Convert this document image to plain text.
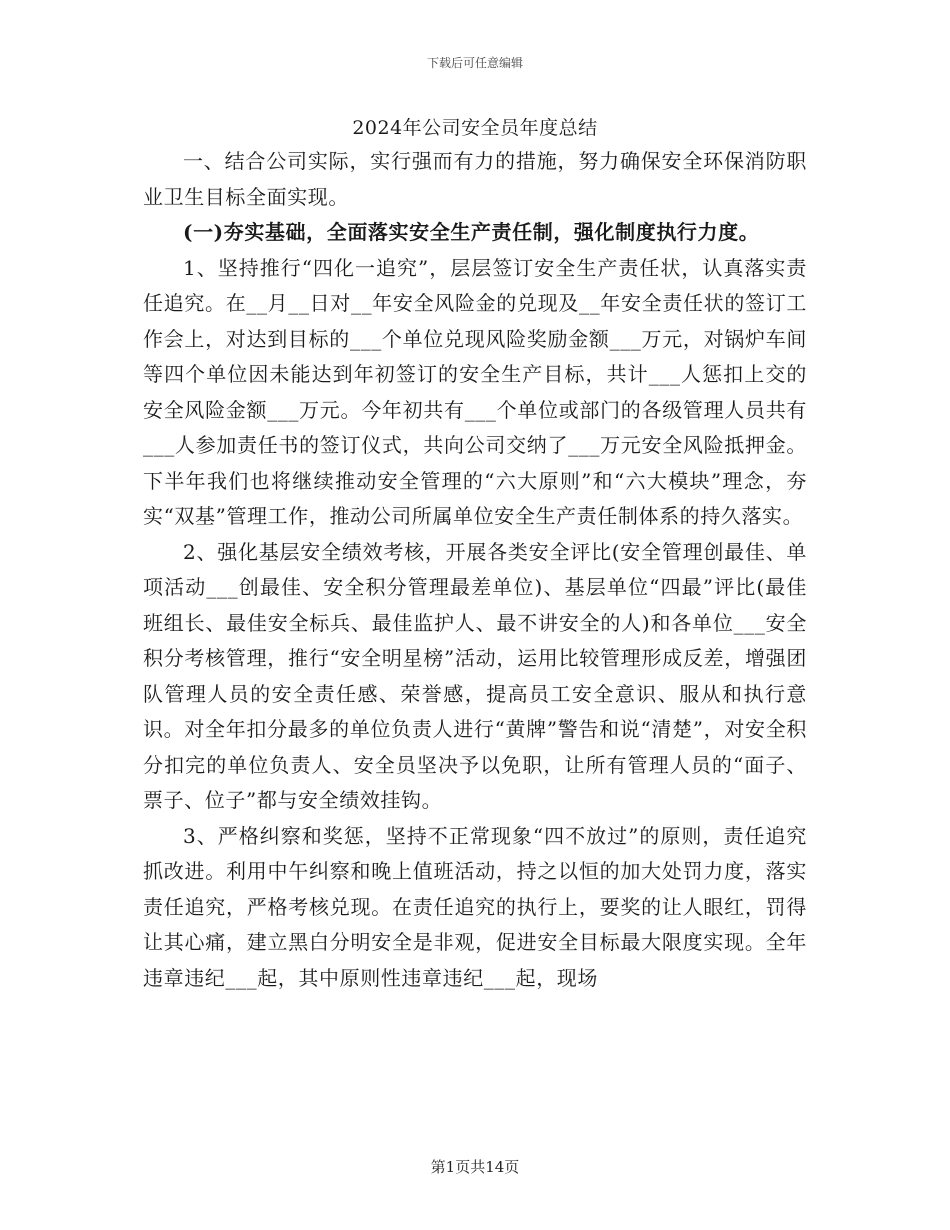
下载后可任意编辑
2024年公司安全员年度总结

一、结合公司实际，实行强而有力的措施，努力确保安全环保消防职业卫生目标全面实现。

(一)夯实基础，全面落实安全生产责任制，强化制度执行力度。

1、坚持推行“四化一追究”，层层签订安全生产责任状，认真落实责任追究。在__月__日对__年安全风险金的兑现及__年安全责任状的签订工作会上，对达到目标的___个单位兑现风险奖励金额___万元，对锅炉车间等四个单位因未能达到年初签订的安全生产目标，共计___人惩扣上交的安全风险金额___万元。今年初共有___个单位或部门的各级管理人员共有___人参加责任书的签订仪式，共向公司交纳了___万元安全风险抵押金。下半年我们也将继续推动安全管理的“六大原则”和“六大模块”理念，夯实“双基”管理工作，推动公司所属单位安全生产责任制体系的持久落实。

2、强化基层安全绩效考核，开展各类安全评比(安全管理创最佳、单项活动___创最佳、安全积分管理最差单位)、基层单位“四最”评比(最佳班组长、最佳安全标兵、最佳监护人、最不讲安全的人)和各单位___安全积分考核管理，推行“安全明星榜”活动，运用比较管理形成反差，增强团队管理人员的安全责任感、荣誉感，提高员工安全意识、服从和执行意识。对全年扣分最多的单位负责人进行“黄牌”警告和说“清楚”，对安全积分扣完的单位负责人、安全员坚决予以免职，让所有管理人员的“面子、票子、位子”都与安全绩效挂钩。

3、严格纠察和奖惩，坚持不正常现象“四不放过”的原则，责任追究抓改进。利用中午纠察和晚上值班活动，持之以恒的加大处罚力度，落实责任追究，严格考核兑现。在责任追究的执行上，要奖的让人眼红，罚得让其心痛，建立黑白分明安全是非观，促进安全目标最大限度实现。全年违章违纪___起，其中原则性违章违纪___起，现场

第1页共14页
